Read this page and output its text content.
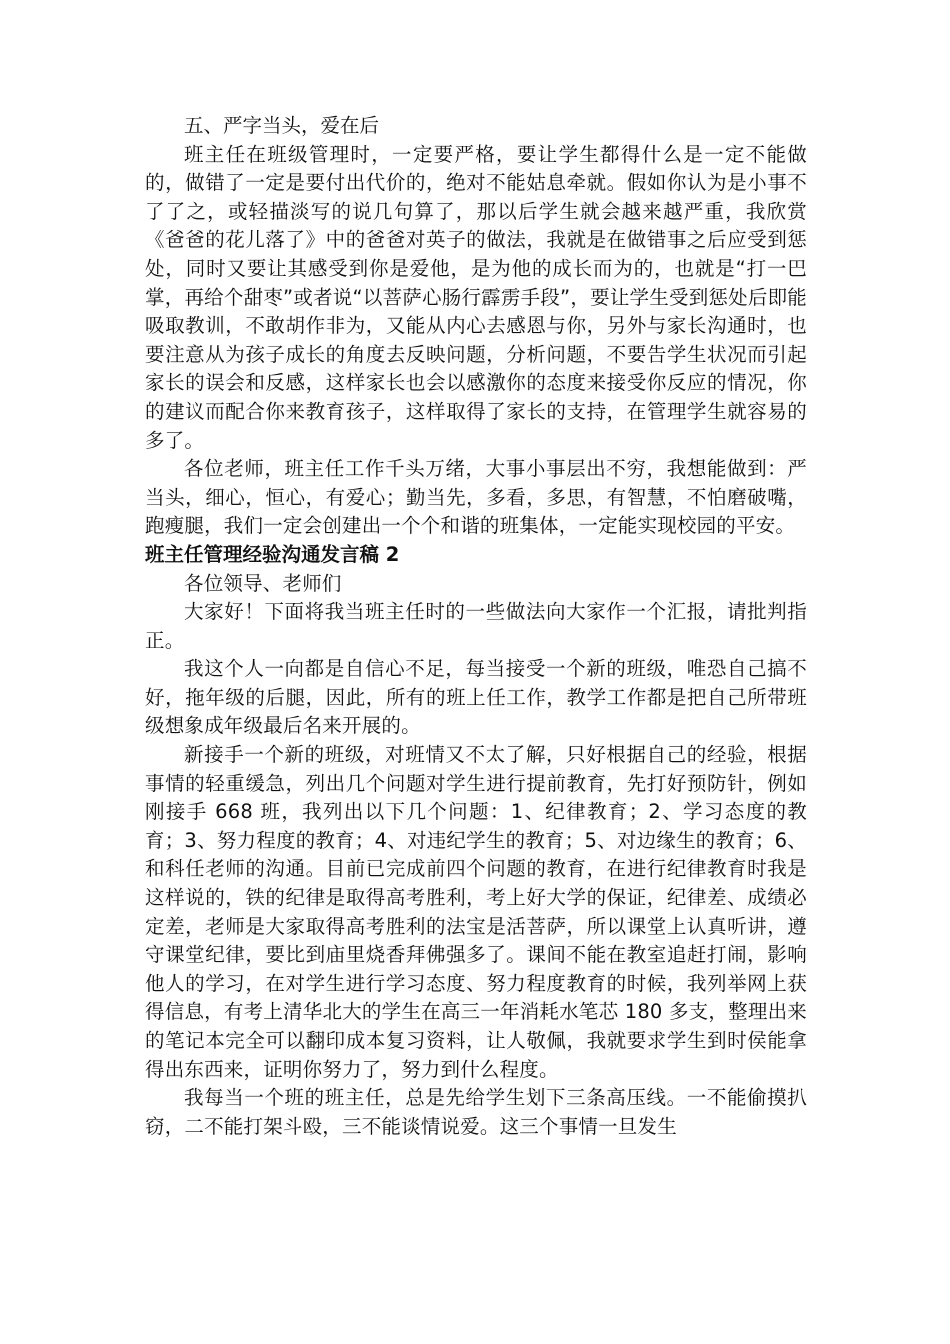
五、严字当头，爱在后

班主任在班级管理时，一定要严格，要让学生都得什么是一定不能做的，做错了一定是要付出代价的，绝对不能姑息牵就。假如你认为是小事不了了之，或轻描淡写的说几句算了，那以后学生就会越来越严重，我欣赏《爸爸的花儿落了》中的爸爸对英子的做法，我就是在做错事之后应受到惩处，同时又要让其感受到你是爱他，是为他的成长而为的，也就是“打一巴掌，再给个甜枣”或者说“以菩萨心肠行霹雳手段”，要让学生受到惩处后即能吸取教训，不敢胡作非为，又能从内心去感恩与你，另外与家长沟通时，也要注意从为孩子成长的角度去反映问题，分析问题，不要告学生状况而引起家长的误会和反感，这样家长也会以感激你的态度来接受你反应的情况，你的建议而配合你来教育孩子，这样取得了家长的支持，在管理学生就容易的多了。

各位老师，班主任工作千头万绪，大事小事层出不穷，我想能做到：严当头，细心，恒心，有爱心；勤当先，多看，多思，有智慧，不怕磨破嘴，跑瘦腿，我们一定会创建出一个个和谐的班集体，一定能实现校园的平安。

班主任管理经验沟通发言稿 2

各位领导、老师们

大家好！下面将我当班主任时的一些做法向大家作一个汇报，请批判指正。

我这个人一向都是自信心不足，每当接受一个新的班级，唯恐自己搞不好，拖年级的后腿，因此，所有的班上任工作，教学工作都是把自己所带班级想象成年级最后名来开展的。

新接手一个新的班级，对班情又不太了解，只好根据自己的经验，根据事情的轻重缓急，列出几个问题对学生进行提前教育，先打好预防针，例如刚接手 668 班，我列出以下几个问题：1、纪律教育；2、学习态度的教育；3、努力程度的教育；4、对违纪学生的教育；5、对边缘生的教育；6、和科任老师的沟通。目前已完成前四个问题的教育，在进行纪律教育时我是这样说的，铁的纪律是取得高考胜利，考上好大学的保证，纪律差、成绩必定差，老师是大家取得高考胜利的法宝是活菩萨，所以课堂上认真听讲，遵守课堂纪律，要比到庙里烧香拜佛强多了。课间不能在教室追赶打闹，影响他人的学习，在对学生进行学习态度、努力程度教育的时候，我列举网上获得信息，有考上清华北大的学生在高三一年消耗水笔芯 180 多支，整理出来的笔记本完全可以翻印成本复习资料，让人敬佩，我就要求学生到时侯能拿得出东西来，证明你努力了，努力到什么程度。

我每当一个班的班主任，总是先给学生划下三条高压线。一不能偷摸扒窃，二不能打架斗殴，三不能谈情说爱。这三个事情一旦发生
